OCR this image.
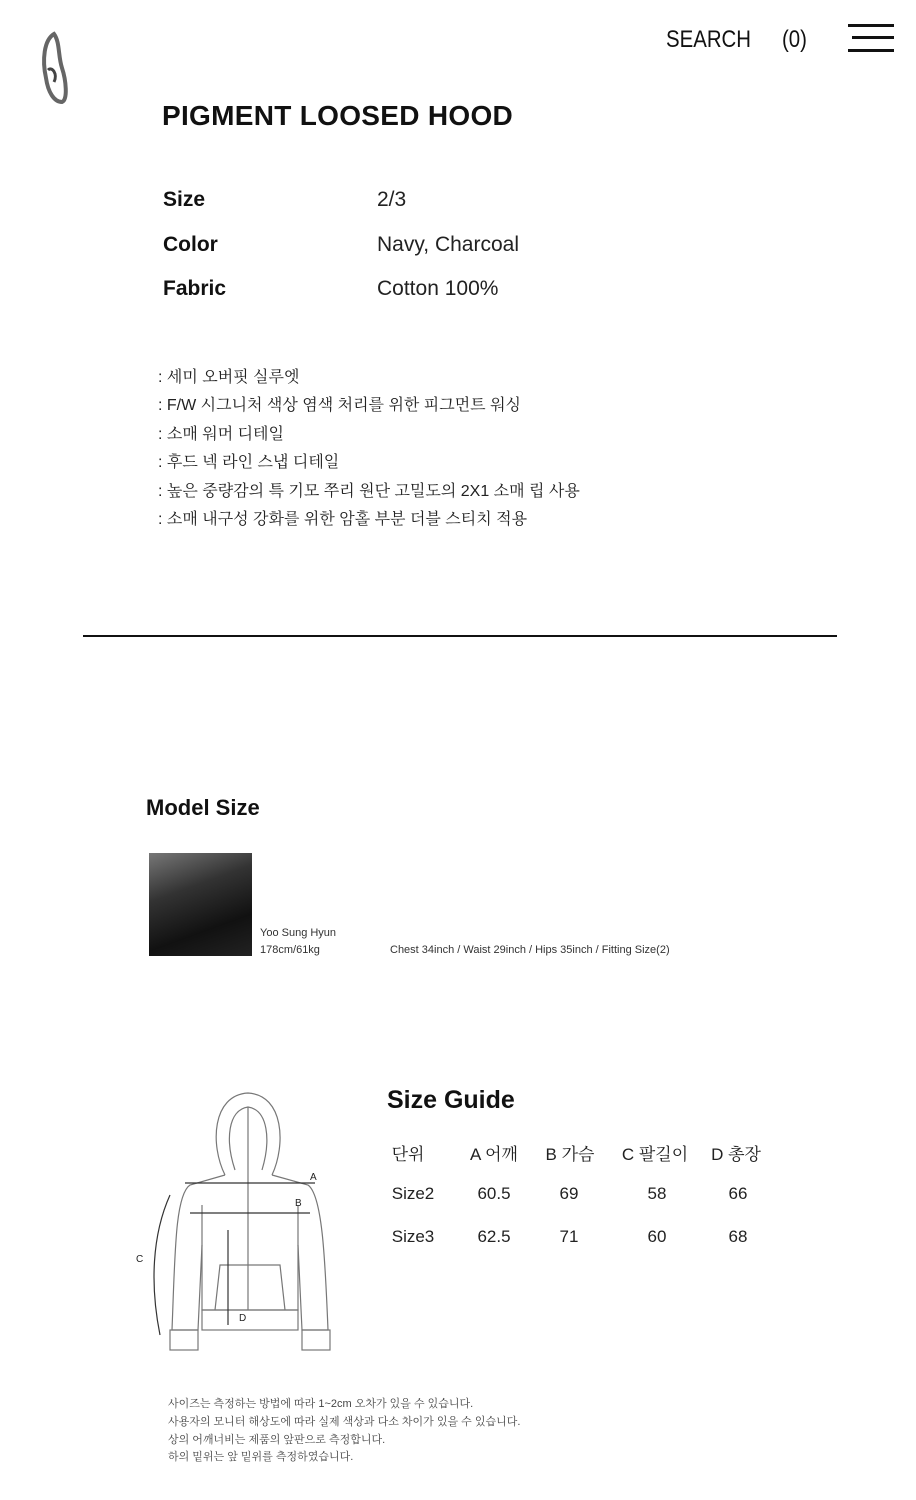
SEARCH (0)
PIGMENT LOOSED HOOD
Size	2/3
Color	Navy, Charcoal
Fabric	Cotton 100%
: 세미 오버핏 실루엣
: F/W 시그니처 색상 염색 처리를 위한 피그먼트 워싱
: 소매 워머 디테일
: 후드 넥 라인 스냅 디테일
: 높은 중량감의 특 기모 쭈리 원단 고밀도의 2X1 소매 립 사용
: 소매 내구성 강화를 위한 암홀 부분 더블 스티치 적용
Model Size
Yoo Sung Hyun
178cm/61kg	Chest 34inch / Waist 29inch / Hips 35inch / Fitting Size(2)
A
B
C
D
Size Guide
단위	A 어깨	B 가슴	C 팔길이	D 총장
Size2	60.5	69	58	66
Size3	62.5	71	60	68
사이즈는 측정하는 방법에 따라 1~2cm 오차가 있을 수 있습니다.
사용자의 모니터 해상도에 따라 실제 색상과 다소 차이가 있을 수 있습니다.
상의 어깨너비는 제품의 앞판으로 측정합니다.
하의 밑위는 앞 밑위를 측정하였습니다.
